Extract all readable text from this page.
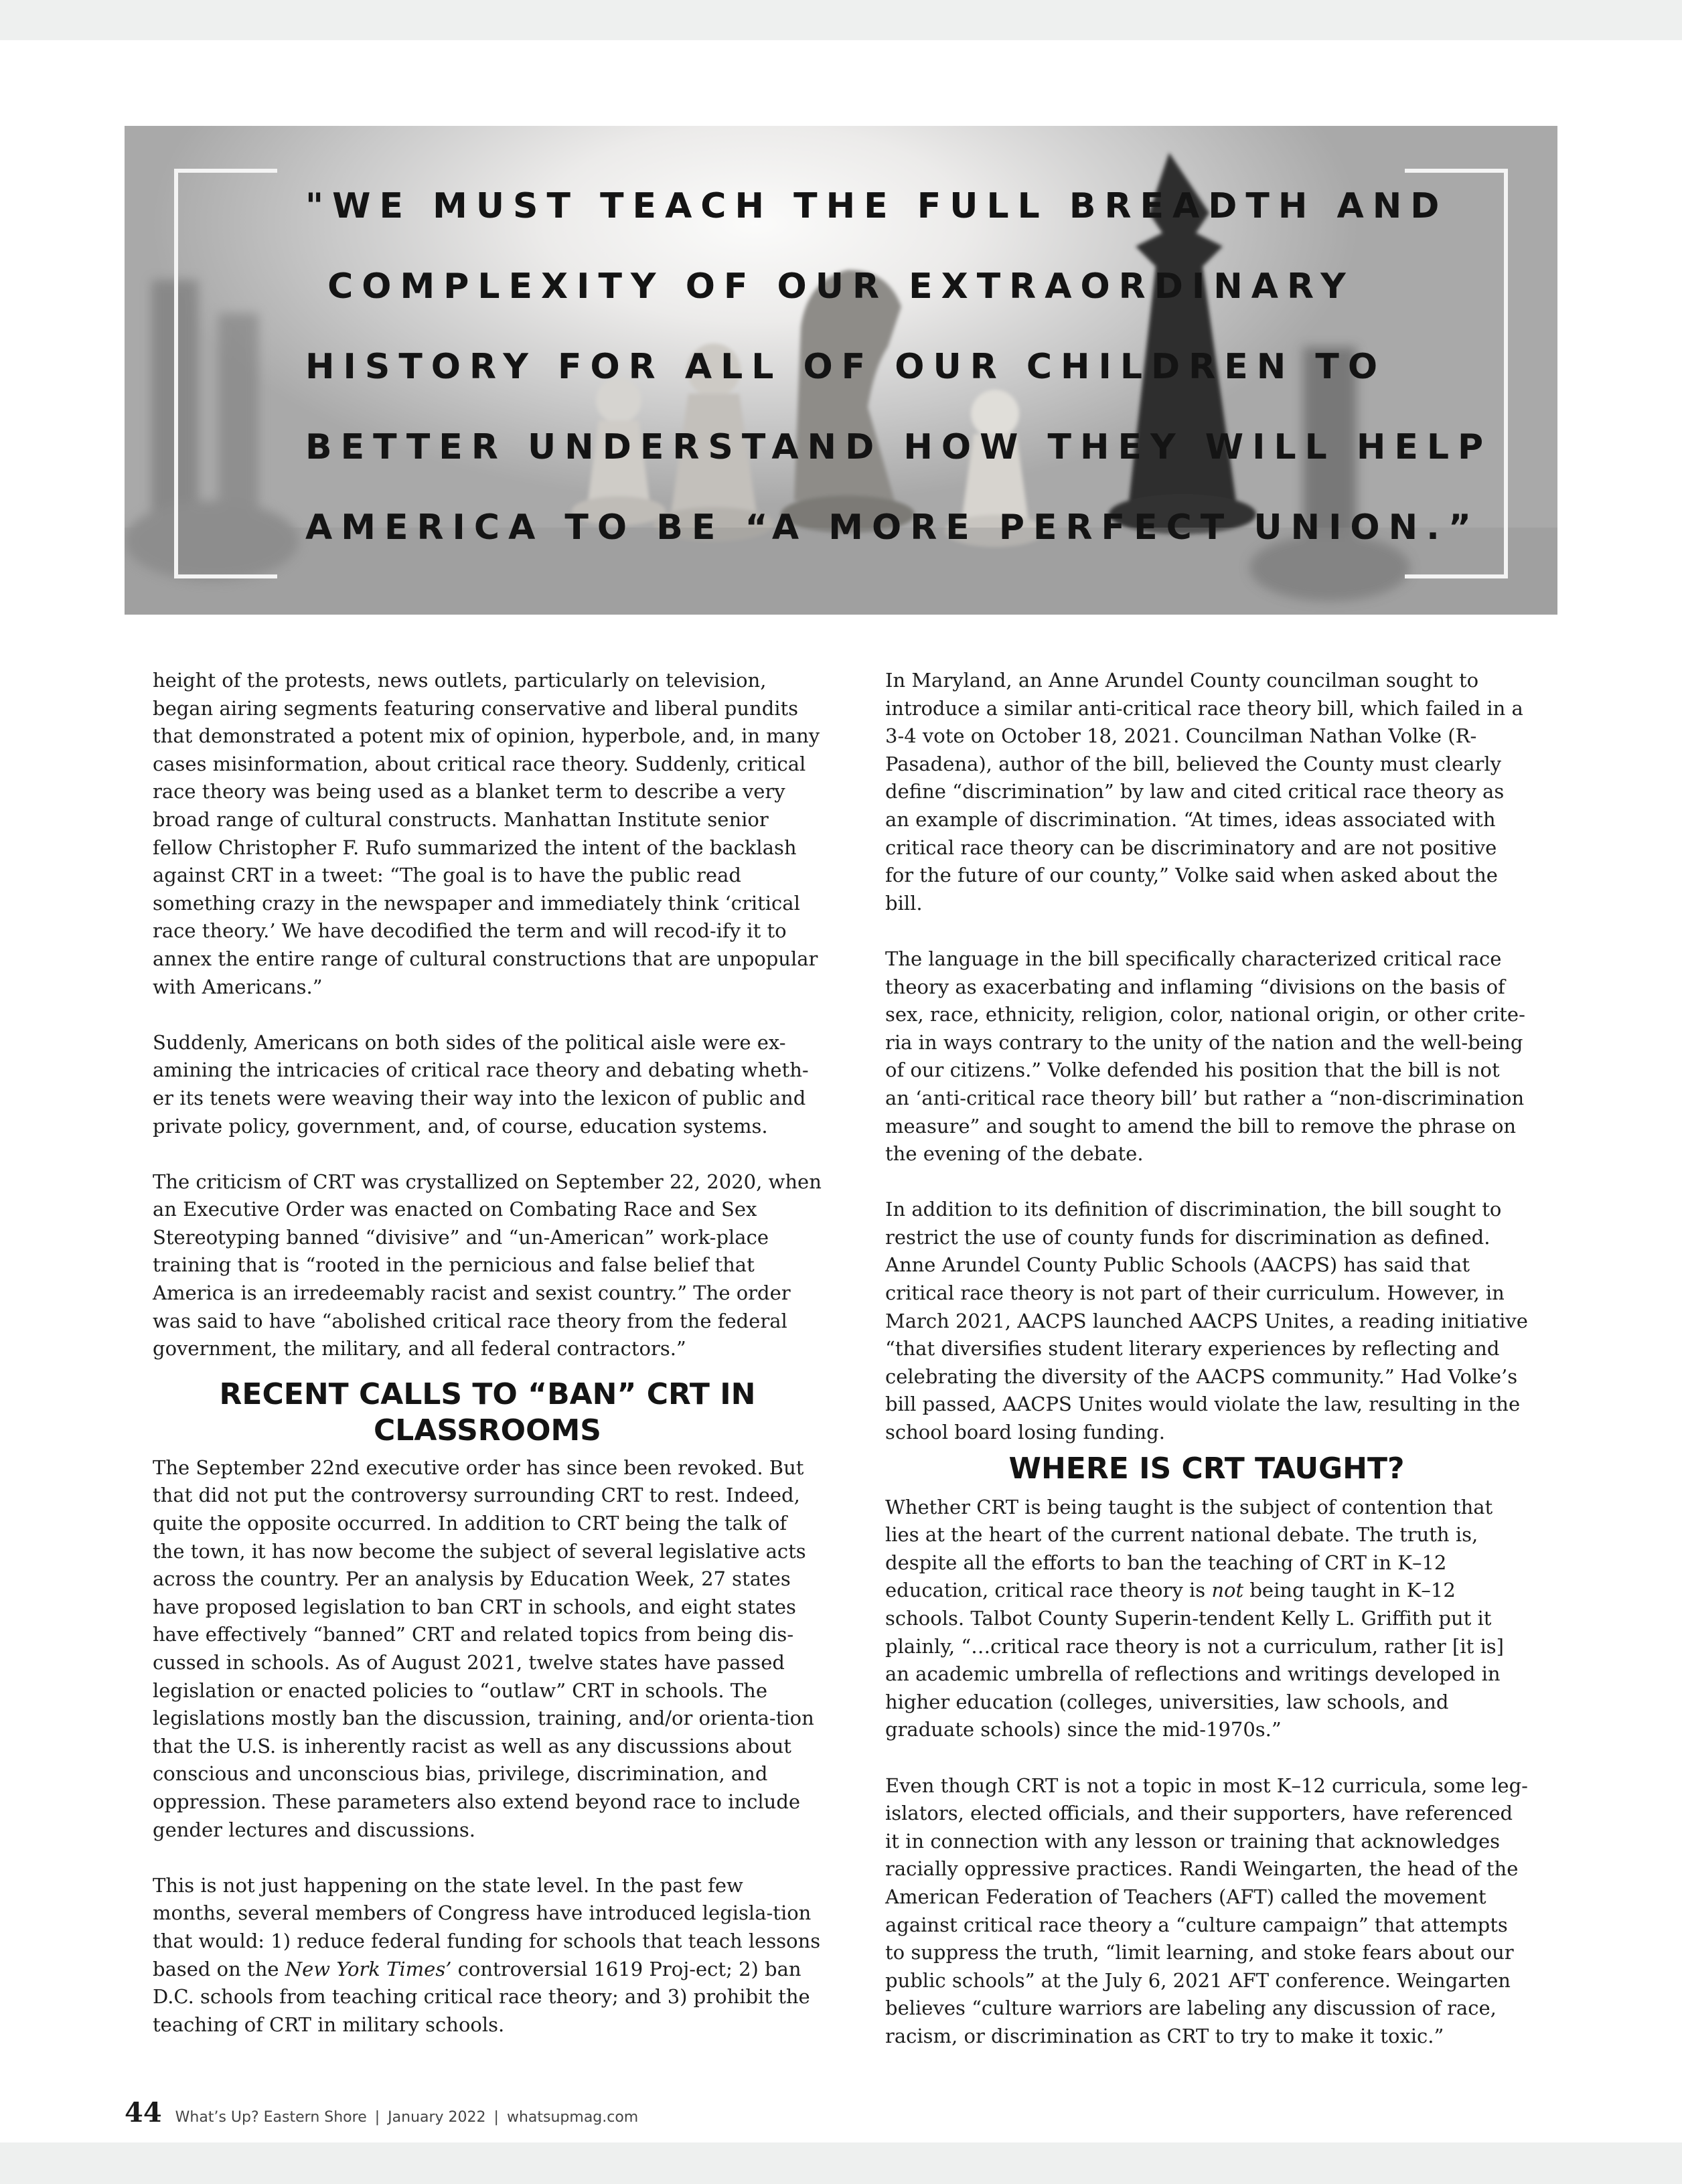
"WE MUST TEACH THE FULL BREADTH AND
COMPLEXITY OF OUR EXTRAORDINARY
HISTORY FOR ALL OF OUR CHILDREN TO
BETTER UNDERSTAND HOW THEY WILL HELP
AMERICA TO BE “A MORE PERFECT UNION.”

height of the protests, news outlets, particularly on television, began airing segments featuring conservative and liberal pundits that demonstrated a potent mix of opinion, hyperbole, and, in many cases misinformation, about critical race theory. Suddenly, critical race theory was being used as a blanket term to describe a very broad range of cultural constructs. Manhattan Institute senior fellow Christopher F. Rufo summarized the intent of the backlash against CRT in a tweet: “The goal is to have the public read something crazy in the newspaper and immediately think ‘critical race theory.’ We have decodified the term and will recod-ify it to annex the entire range of cultural constructions that are unpopular with Americans.”

Suddenly, Americans on both sides of the political aisle were ex-amining the intricacies of critical race theory and debating wheth-er its tenets were weaving their way into the lexicon of public and private policy, government, and, of course, education systems.

The criticism of CRT was crystallized on September 22, 2020, when an Executive Order was enacted on Combating Race and Sex Stereotyping banned “divisive” and “un-American” work-place training that is “rooted in the pernicious and false belief that America is an irredeemably racist and sexist country.” The order was said to have “abolished critical race theory from the federal government, the military, and all federal contractors.”

RECENT CALLS TO “BAN” CRT IN CLASSROOMS

The September 22nd executive order has since been revoked. But that did not put the controversy surrounding CRT to rest. Indeed, quite the opposite occurred. In addition to CRT being the talk of the town, it has now become the subject of several legislative acts across the country. Per an analysis by Education Week, 27 states have proposed legislation to ban CRT in schools, and eight states have effectively “banned” CRT and related topics from being dis-cussed in schools. As of August 2021, twelve states have passed legislation or enacted policies to “outlaw” CRT in schools. The legislations mostly ban the discussion, training, and/or orienta-tion that the U.S. is inherently racist as well as any discussions about conscious and unconscious bias, privilege, discrimination, and oppression. These parameters also extend beyond race to include gender lectures and discussions.

This is not just happening on the state level. In the past few months, several members of Congress have introduced legisla-tion that would: 1) reduce federal funding for schools that teach lessons based on the New York Times’ controversial 1619 Proj-ect; 2) ban D.C. schools from teaching critical race theory; and 3) prohibit the teaching of CRT in military schools.

In Maryland, an Anne Arundel County councilman sought to introduce a similar anti-critical race theory bill, which failed in a 3-4 vote on October 18, 2021. Councilman Nathan Volke (R-Pasadena), author of the bill, believed the County must clearly define “discrimination” by law and cited critical race theory as an example of discrimination. “At times, ideas associated with critical race theory can be discriminatory and are not positive for the future of our county,” Volke said when asked about the bill.

The language in the bill specifically characterized critical race theory as exacerbating and inflaming “divisions on the basis of sex, race, ethnicity, religion, color, national origin, or other crite-ria in ways contrary to the unity of the nation and the well-being of our citizens.” Volke defended his position that the bill is not an ‘anti-critical race theory bill’ but rather a “non-discrimination measure” and sought to amend the bill to remove the phrase on the evening of the debate.

In addition to its definition of discrimination, the bill sought to restrict the use of county funds for discrimination as defined. Anne Arundel County Public Schools (AACPS) has said that critical race theory is not part of their curriculum. However, in March 2021, AACPS launched AACPS Unites, a reading initiative “that diversifies student literary experiences by reflecting and celebrating the diversity of the AACPS community.” Had Volke’s bill passed, AACPS Unites would violate the law, resulting in the school board losing funding.

WHERE IS CRT TAUGHT?

Whether CRT is being taught is the subject of contention that lies at the heart of the current national debate. The truth is, despite all the efforts to ban the teaching of CRT in K–12 education, critical race theory is not being taught in K–12 schools. Talbot County Superin-tendent Kelly L. Griffith put it plainly, “…critical race theory is not a curriculum, rather [it is] an academic umbrella of reflections and writings developed in higher education (colleges, universities, law schools, and graduate schools) since the mid-1970s.”

Even though CRT is not a topic in most K–12 curricula, some leg-islators, elected officials, and their supporters, have referenced it in connection with any lesson or training that acknowledges racially oppressive practices. Randi Weingarten, the head of the American Federation of Teachers (AFT) called the movement against critical race theory a “culture campaign” that attempts to suppress the truth, “limit learning, and stoke fears about our public schools” at the July 6, 2021 AFT conference. Weingarten believes “culture warriors are labeling any discussion of race, racism, or discrimination as CRT to try to make it toxic.”

44 What’s Up? Eastern Shore | January 2022 | whatsupmag.com
